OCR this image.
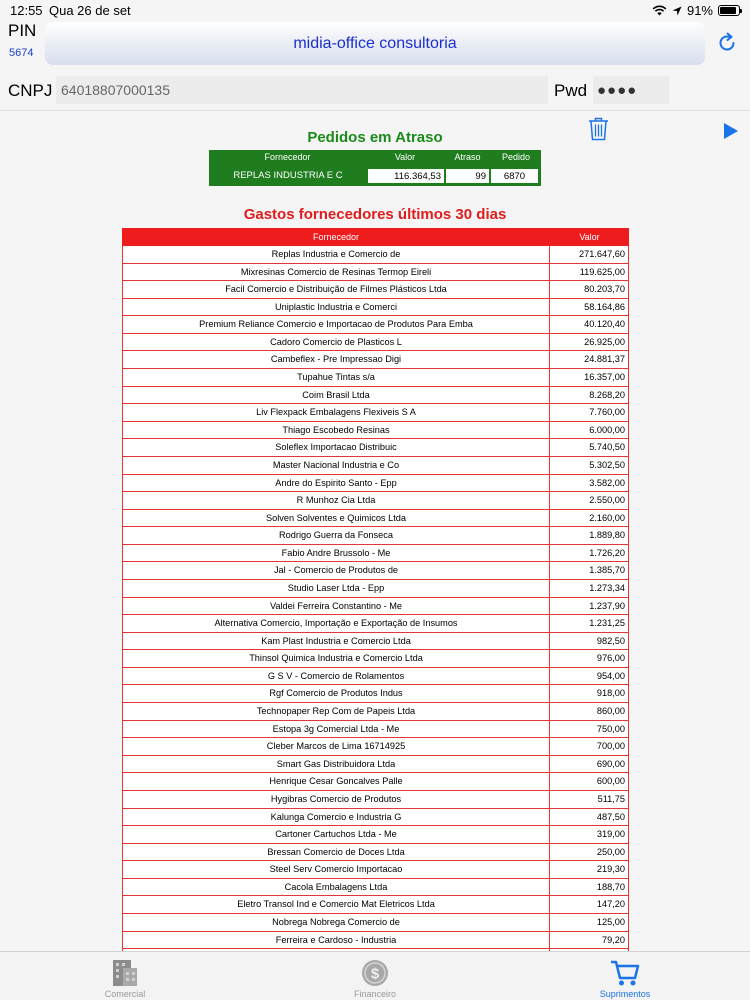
12:55 Qua 26 de set	91%
PIN
5674
midia-office consultoria
CNPJ
64018807000135	Pwd
●●●●
Pedidos em Atraso
Fornecedor	Valor	Atraso	Pedido
REPLAS INDUSTRIA E C	116.364,53	99	6870
Gastos fornecedores últimos 30 dias
Fornecedor	Valor
Replas Industria e Comercio de	271.647,60
Mixresinas Comercio de Resinas Termop Eireli	119.625,00
Facil Comercio e Distribuição de Filmes Plásticos Ltda	80.203,70
Uniplastic Industria e Comerci	58.164,86
Premium Reliance Comercio e Importacao de Produtos Para Emba	40.120,40
Cadoro Comercio de Plasticos L	26.925,00
Cambeflex - Pre Impressao Digi	24.881,37
Tupahue Tintas s/a	16.357,00
Coim Brasil Ltda	8.268,20
Liv Flexpack Embalagens Flexiveis S A	7.760,00
Thiago Escobedo Resinas	6.000,00
Soleflex Importacao Distribuic	5.740,50
Master Nacional Industria e Co	5.302,50
Andre do Espirito Santo - Epp	3.582,00
R Munhoz Cia Ltda	2.550,00
Solven Solventes e Quimicos Ltda	2.160,00
Rodrigo Guerra da Fonseca	1.889,80
Fabio Andre Brussolo - Me	1.726,20
Jal - Comercio de Produtos de	1.385,70
Studio Laser Ltda - Epp	1.273,34
Valdei Ferreira Constantino - Me	1.237,90
Alternativa Comercio, Importação e Exportação de Insumos	1.231,25
Kam Plast Industria e Comercio Ltda	982,50
Thinsol Quimica Industria e Comercio Ltda	976,00
G S V - Comercio de Rolamentos	954,00
Rgf Comercio de Produtos Indus	918,00
Technopaper Rep Com de Papeis Ltda	860,00
Estopa 3g Comercial Ltda - Me	750,00
Cleber Marcos de Lima 16714925	700,00
Smart Gas Distribuidora Ltda	690,00
Henrique Cesar Goncalves Palle	600,00
Hygibras Comercio de Produtos	511,75
Kalunga Comercio e Industria G	487,50
Cartoner Cartuchos Ltda - Me	319,00
Bressan Comercio de Doces Ltda	250,00
Steel Serv Comercio Importacao	219,30
Cacola Embalagens Ltda	188,70
Eletro Transol Ind e Comercio Mat Eletricos Ltda	147,20
Nobrega Nobrega Comercio de	125,00
Ferreira e Cardoso - Industria	79,20
Comercial
$
Financeiro	Suprimentos
